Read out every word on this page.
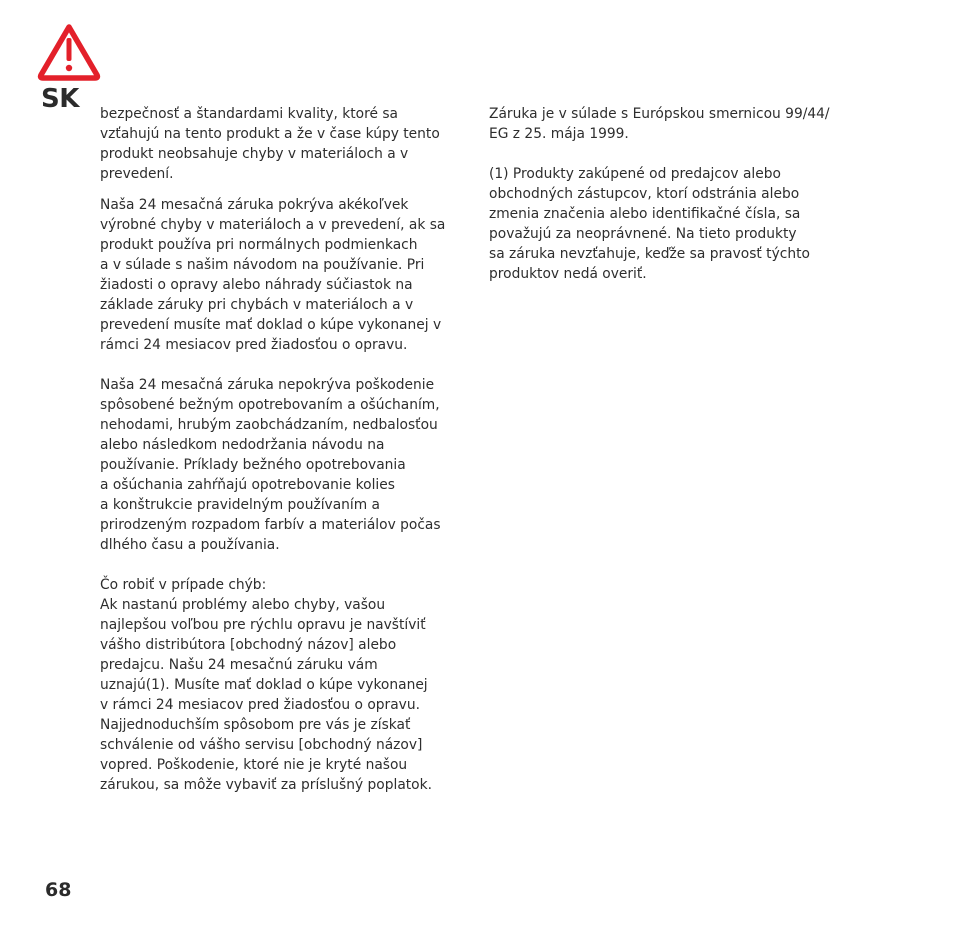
SK bezpečnosť a štandardami kvality, ktoré sa
vzťahujú na tento produkt a že v čase kúpy tento
produkt neobsahuje chyby v materiáloch a v
prevedení.

Naša 24 mesačná záruka pokrýva akékoľvek
výrobné chyby v materiáloch a v prevedení, ak sa
produkt používa pri normálnych podmienkach
a v súlade s našim návodom na používanie. Pri
žiadosti o opravy alebo náhrady súčiastok na
základe záruky pri chybách v materiáloch a v
prevedení musíte mať doklad o kúpe vykonanej v
rámci 24 mesiacov pred žiadosťou o opravu.

Naša 24 mesačná záruka nepokrýva poškodenie
spôsobené bežným opotrebovaním a ošúchaním,
nehodami, hrubým zaobchádzaním, nedbalosťou
alebo následkom nedodržania návodu na
používanie. Príklady bežného opotrebovania
a ošúchania zahŕňajú opotrebovanie kolies
a konštrukcie pravidelným používaním a
prirodzeným rozpadom farbív a materiálov počas
dlhého času a používania.

Čo robiť v prípade chýb:
Ak nastanú problémy alebo chyby, vašou
najlepšou voľbou pre rýchlu opravu je navštíviť
vášho distribútora [obchodný názov] alebo
predajcu. Našu 24 mesačnú záruku vám
uznajú(1). Musíte mať doklad o kúpe vykonanej
v rámci 24 mesiacov pred žiadosťou o opravu.
Najjednoduchším spôsobom pre vás je získať
schválenie od vášho servisu [obchodný názov]
vopred. Poškodenie, ktoré nie je kryté našou
zárukou, sa môže vybaviť za príslušný poplatok.

Záruka je v súlade s Európskou smernicou 99/44/
EG z 25. mája 1999.

(1) Produkty zakúpené od predajcov alebo
obchodných zástupcov, ktorí odstránia alebo
zmenia značenia alebo identifikačné čísla, sa
považujú za neoprávnené. Na tieto produkty
sa záruka nevzťahuje, keďže sa pravosť týchto
produktov nedá overiť.

68
